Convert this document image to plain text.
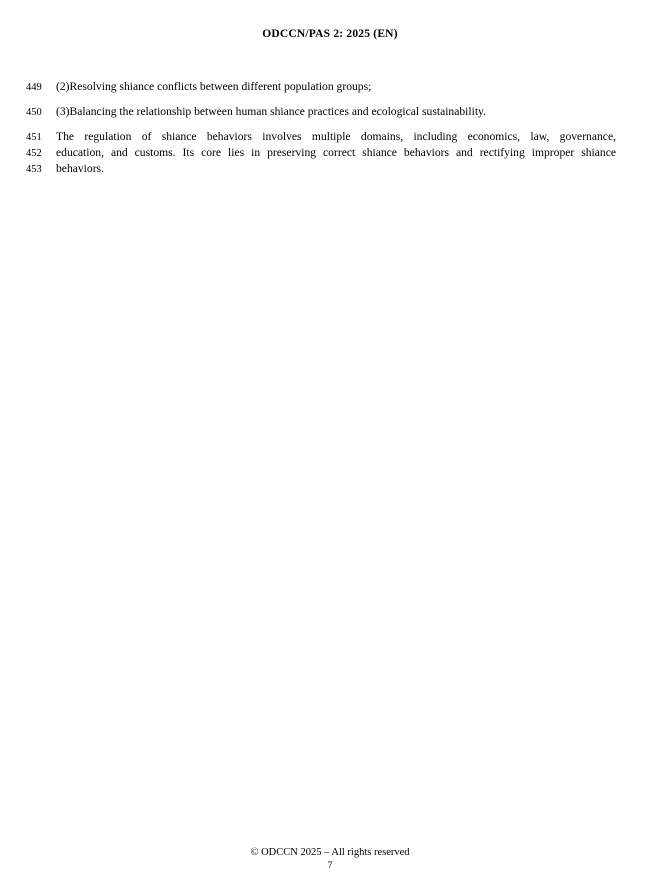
ODCCN/PAS 2: 2025 (EN)
449	(2)Resolving shiance conflicts between different population groups;
450	(3)Balancing the relationship between human shiance practices and ecological sustainability.
451	The regulation of shiance behaviors involves multiple domains, including economics, law, governance,
452	education, and customs. Its core lies in preserving correct shiance behaviors and rectifying improper shiance
453	behaviors.
© ODCCN 2025 – All rights reserved
7
